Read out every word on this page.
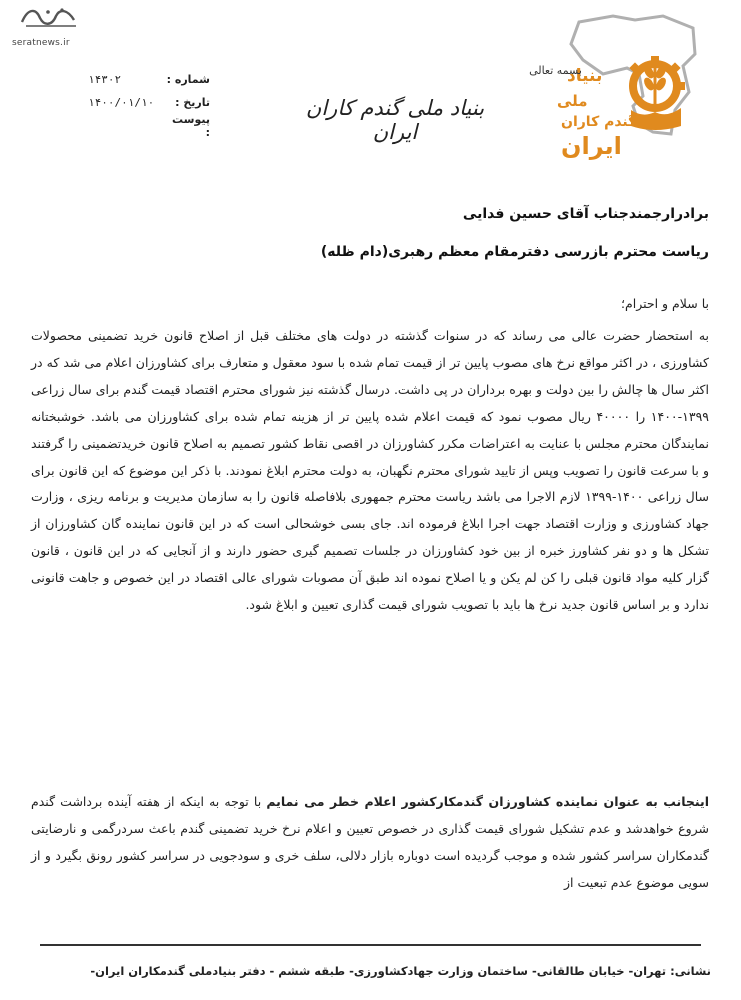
seratnews.ir
بنیاد
ملی
گندم کاران
ایران
بسمه تعالی
بنیاد ملی گندم کاران ایران
شماره :
۱۴۳۰۲
تاریخ :
۱۴۰۰/۰۱/۱۰
پیوست :
برادرارجمندجناب آقای حسین فدایی
ریاست محترم بازرسی دفترمقام معظم رهبری(دام ظله)
با سلام و احترام؛

به استحضار حضرت عالی می رساند که در سنوات گذشته در دولت های مختلف قبل از اصلاح قانون خرید تضمینی محصولات کشاورزی ، در اکثر مواقع نرخ های مصوب پایین تر از قیمت تمام شده با سود معقول و متعارف برای کشاورزان اعلام می شد که در اکثر سال ها چالش را بین دولت و بهره برداران در پی داشت. درسال گذشته نیز شورای محترم اقتصاد قیمت گندم برای سال زراعی ۱۳۹۹-۱۴۰۰ را ۴۰۰۰۰ ریال مصوب نمود که قیمت اعلام شده پایین تر از هزینه تمام شده برای کشاورزان می باشد. خوشبختانه نمایندگان محترم مجلس با عنایت به اعتراضات مکرر کشاورزان در اقصی نقاط کشور تصمیم به اصلاح قانون خریدتضمینی را گرفتند و با سرعت قانون را تصویب وپس از تایید شورای محترم نگهبان، به دولت محترم ابلاغ نمودند. با ذکر این موضوع که این قانون برای سال زراعی ۱۴۰۰-۱۳۹۹ لازم الاجرا می باشد ریاست محترم جمهوری بلافاصله قانون را به سازمان مدیریت و برنامه ریزی ، وزارت جهاد کشاورزی و وزارت اقتصاد جهت اجرا ابلاغ فرموده اند. جای بسی خوشحالی است که در این قانون نماینده گان کشاورزان از تشکل ها و دو نفر کشاورز خبره از بین خود کشاورزان در جلسات تصمیم گیری حضور دارند و از آنجایی که در این قانون ، قانون گزار کلیه مواد قانون قبلی را کن لم یکن و یا اصلاح نموده اند طبق آن مصوبات شورای عالی اقتصاد در این خصوص و جاهت قانونی ندارد و بر اساس قانون جدید نرخ ها باید با تصویب شورای قیمت گذاری تعیین و ابلاغ شود.

اینجانب به عنوان نماینده کشاورزان گندمکارکشور اعلام خطر می نمایم با توجه به اینکه از هفته آینده برداشت گندم شروع خواهدشد و عدم تشکیل شورای قیمت گذاری در خصوص تعیین و اعلام نرخ خرید تضمینی گندم باعث سردرگمی و نارضایتی گندمکاران سراسر کشور شده و موجب گردیده است دوباره بازار دلالی، سلف خری و سودجویی در سراسر کشور رونق بگیرد و از سویی موضوع عدم تبعیت از

نشانی: تهران- خیابان طالقانی- ساختمان وزارت جهادکشاورزی- طبقه ششم - دفتر بنیادملی گندمکاران ایران-
